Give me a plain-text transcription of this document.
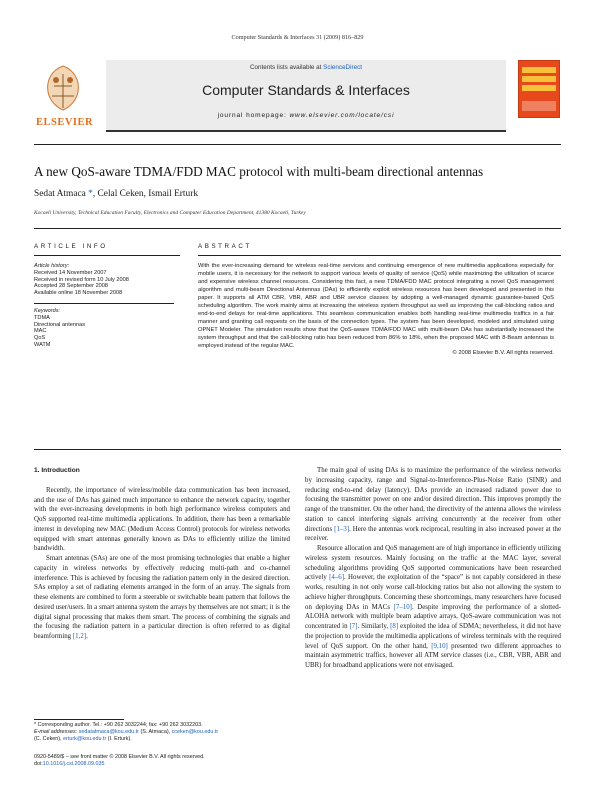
Computer Standards & Interfaces 31 (2009) 816–829
ELSEVIER
Contents lists available at ScienceDirect
Computer Standards & Interfaces
journal homepage: www.elsevier.com/locate/csi
A new QoS-aware TDMA/FDD MAC protocol with multi-beam directional antennas
Sedat Atmaca *, Celal Ceken, Ismail Erturk
Kocaeli University, Technical Education Faculty, Electronics and Computer Education Department, 41380 Kocaeli, Turkey
ARTICLE INFO	ABSTRACT
Article history:
Received 14 November 2007
Received in revised form 10 July 2008
Accepted 28 September 2008
Available online 18 November 2008
Keywords:
TDMA
Directional antennas
MAC
QoS
WATM
With the ever-increasing demand for wireless real-time services and continuing emergence of new multimedia applications especially for mobile users, it is necessary for the network to support various levels of quality of service (QoS) while maximizing the utilization of scarce and expensive wireless channel resources. Considering this fact, a new TDMA/FDD MAC protocol integrating a novel QoS management algorithm and multi-beam Directional Antennas (DAs) to efficiently exploit wireless resources has been developed and presented in this paper. It supports all ATM CBR, VBR, ABR and UBR service classes by adopting a well-managed dynamic guarantee-based QoS scheduling algorithm. The work mainly aims at increasing the wireless system throughput as well as improving the call-blocking ratios and end-to-end delays for real-time applications. This seamless communication enables both handling real-time multimedia traffics in a fair manner and granting call requests on the basis of the connection types. The system has been developed, modeled and simulated using OPNET Modeler. The simulation results show that the QoS-aware TDMA/FDD MAC with multi-beam DAs has substantially increased the system throughput and that the call-blocking ratio has been reduced from 86% to 18%, when the proposed MAC with 8-Beam antennas is employed instead of the regular MAC.
© 2008 Elsevier B.V. All rights reserved.

1. Introduction

Recently, the importance of wireless/mobile data communication has been increased, and the use of DAs has gained much importance to enhance the network capacity, together with the ever-increasing developments in both high performance wireless computers and QoS supported real-time multimedia applications. In addition, there has been a remarkable interest in developing new MAC (Medium Access Control) protocols for wireless networks equipped with smart antennas generally known as DAs to efficiently utilize the limited bandwidth.

Smart antennas (SAs) are one of the most promising technologies that enable a higher capacity in wireless networks by effectively reducing multi-path and co-channel interference. This is achieved by focusing the radiation pattern only in the desired direction. SAs employ a set of radiating elements arranged in the form of an array. The signals from these elements are combined to form a steerable or switchable beam pattern that follows the desired user/users. In a smart antenna system the arrays by themselves are not smart; it is the digital signal processing that makes them smart. The process of combining the signals and the focusing the radiation pattern in a particular direction is often referred to as digital beamforming [1,2].

The main goal of using DAs is to maximize the performance of the wireless networks by increasing capacity, range and Signal-to-Interference-Plus-Noise Ratio (SINR) and reducing end-to-end delay (latency). DAs provide an increased radiated power due to focusing the transmitter power on one and/or desired direction. This improves promptly the range of the transmitter. On the other hand, the directivity of the antenna allows the wireless station to cancel interfering signals arriving concurrently at the receiver from other directions [1–3]. Here the antennas work reciprocal, resulting in also increased power at the receiver.

Resource allocation and QoS management are of high importance in efficiently utilizing wireless system resources. Mainly focusing on the traffic at the MAC layer, several scheduling algorithms providing QoS supported communications have been researched actively [4–6]. However, the exploitation of the “space” is not capably considered in these works, resulting in not only worse call-blocking ratios but also not allowing the system to achieve higher throughputs. Concerning these shortcomings, many researchers have focused on deploying DAs in MACs [7–10]. Despite improving the performance of a slotted-ALOHA network with multiple beam adaptive arrays, QoS-aware communication was not concentrated in [7]. Similarly, [8] exploited the idea of SDMA; nevertheless, it did not have the projection to provide the multimedia applications of wireless terminals with the required level of QoS support. On the other hand, [9,10] presented two different approaches to maintain asymmetric traffics, however all ATM service classes (i.e., CBR, VBR, ABR and UBR) for broadband applications were not envisaged.

* Corresponding author. Tel.: +90 262 3032244; fax: +90 262 3032203.
E-mail addresses: sedatatmaca@kou.edu.tr (S. Atmaca), cceken@kou.edu.tr
(C. Ceken), erturk@kou.edu.tr (I. Erturk).
0920-5489/$ – see front matter © 2008 Elsevier B.V. All rights reserved.
doi:10.1016/j.csi.2008.09.035
